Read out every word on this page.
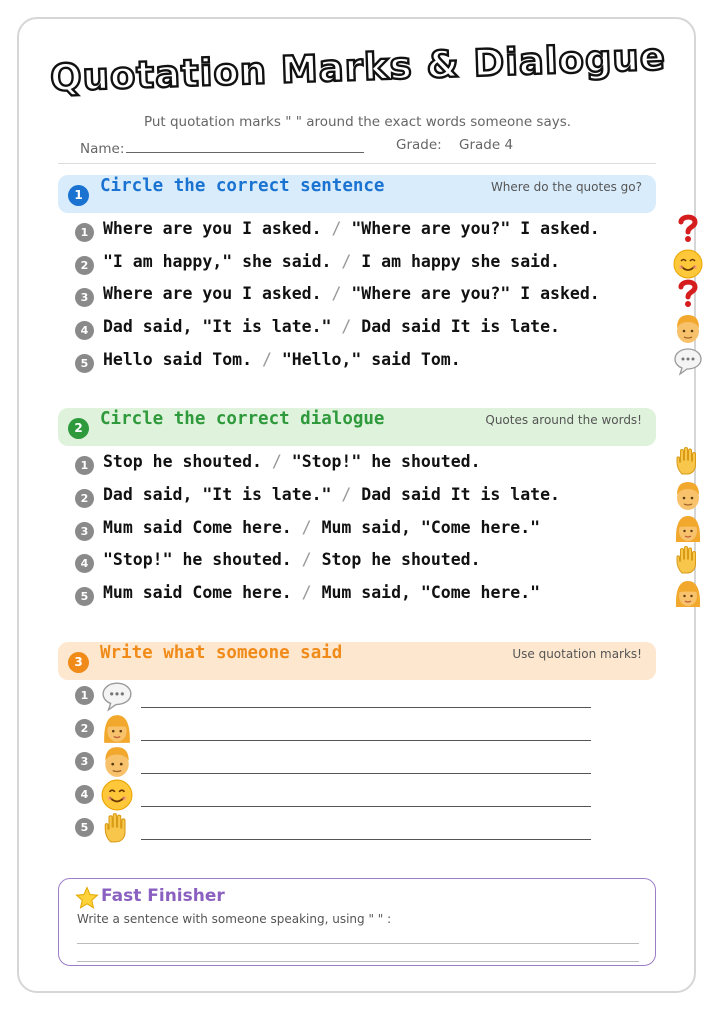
Quotation Marks & Dialogue
Put quotation marks " " around the exact words someone says.
Name:	Grade: Grade 4
1 Circle the correct sentence	Where do the quotes go?
1 Where are you I asked. / "Where are you?" I asked.
2 "I am happy," she said. / I am happy she said.
3 Where are you I asked. / "Where are you?" I asked.
4 Dad said, "It is late." / Dad said It is late.
5 Hello said Tom. / "Hello," said Tom.
2 Circle the correct dialogue	Quotes around the words!
1 Stop he shouted. / "Stop!" he shouted.
2 Dad said, "It is late." / Dad said It is late.
3 Mum said Come here. / Mum said, "Come here."
4 "Stop!" he shouted. / Stop he shouted.
5 Mum said Come here. / Mum said, "Come here."
3 Write what someone said	Use quotation marks!
1
2
3
4
5
Fast Finisher
Write a sentence with someone speaking, using " " :
